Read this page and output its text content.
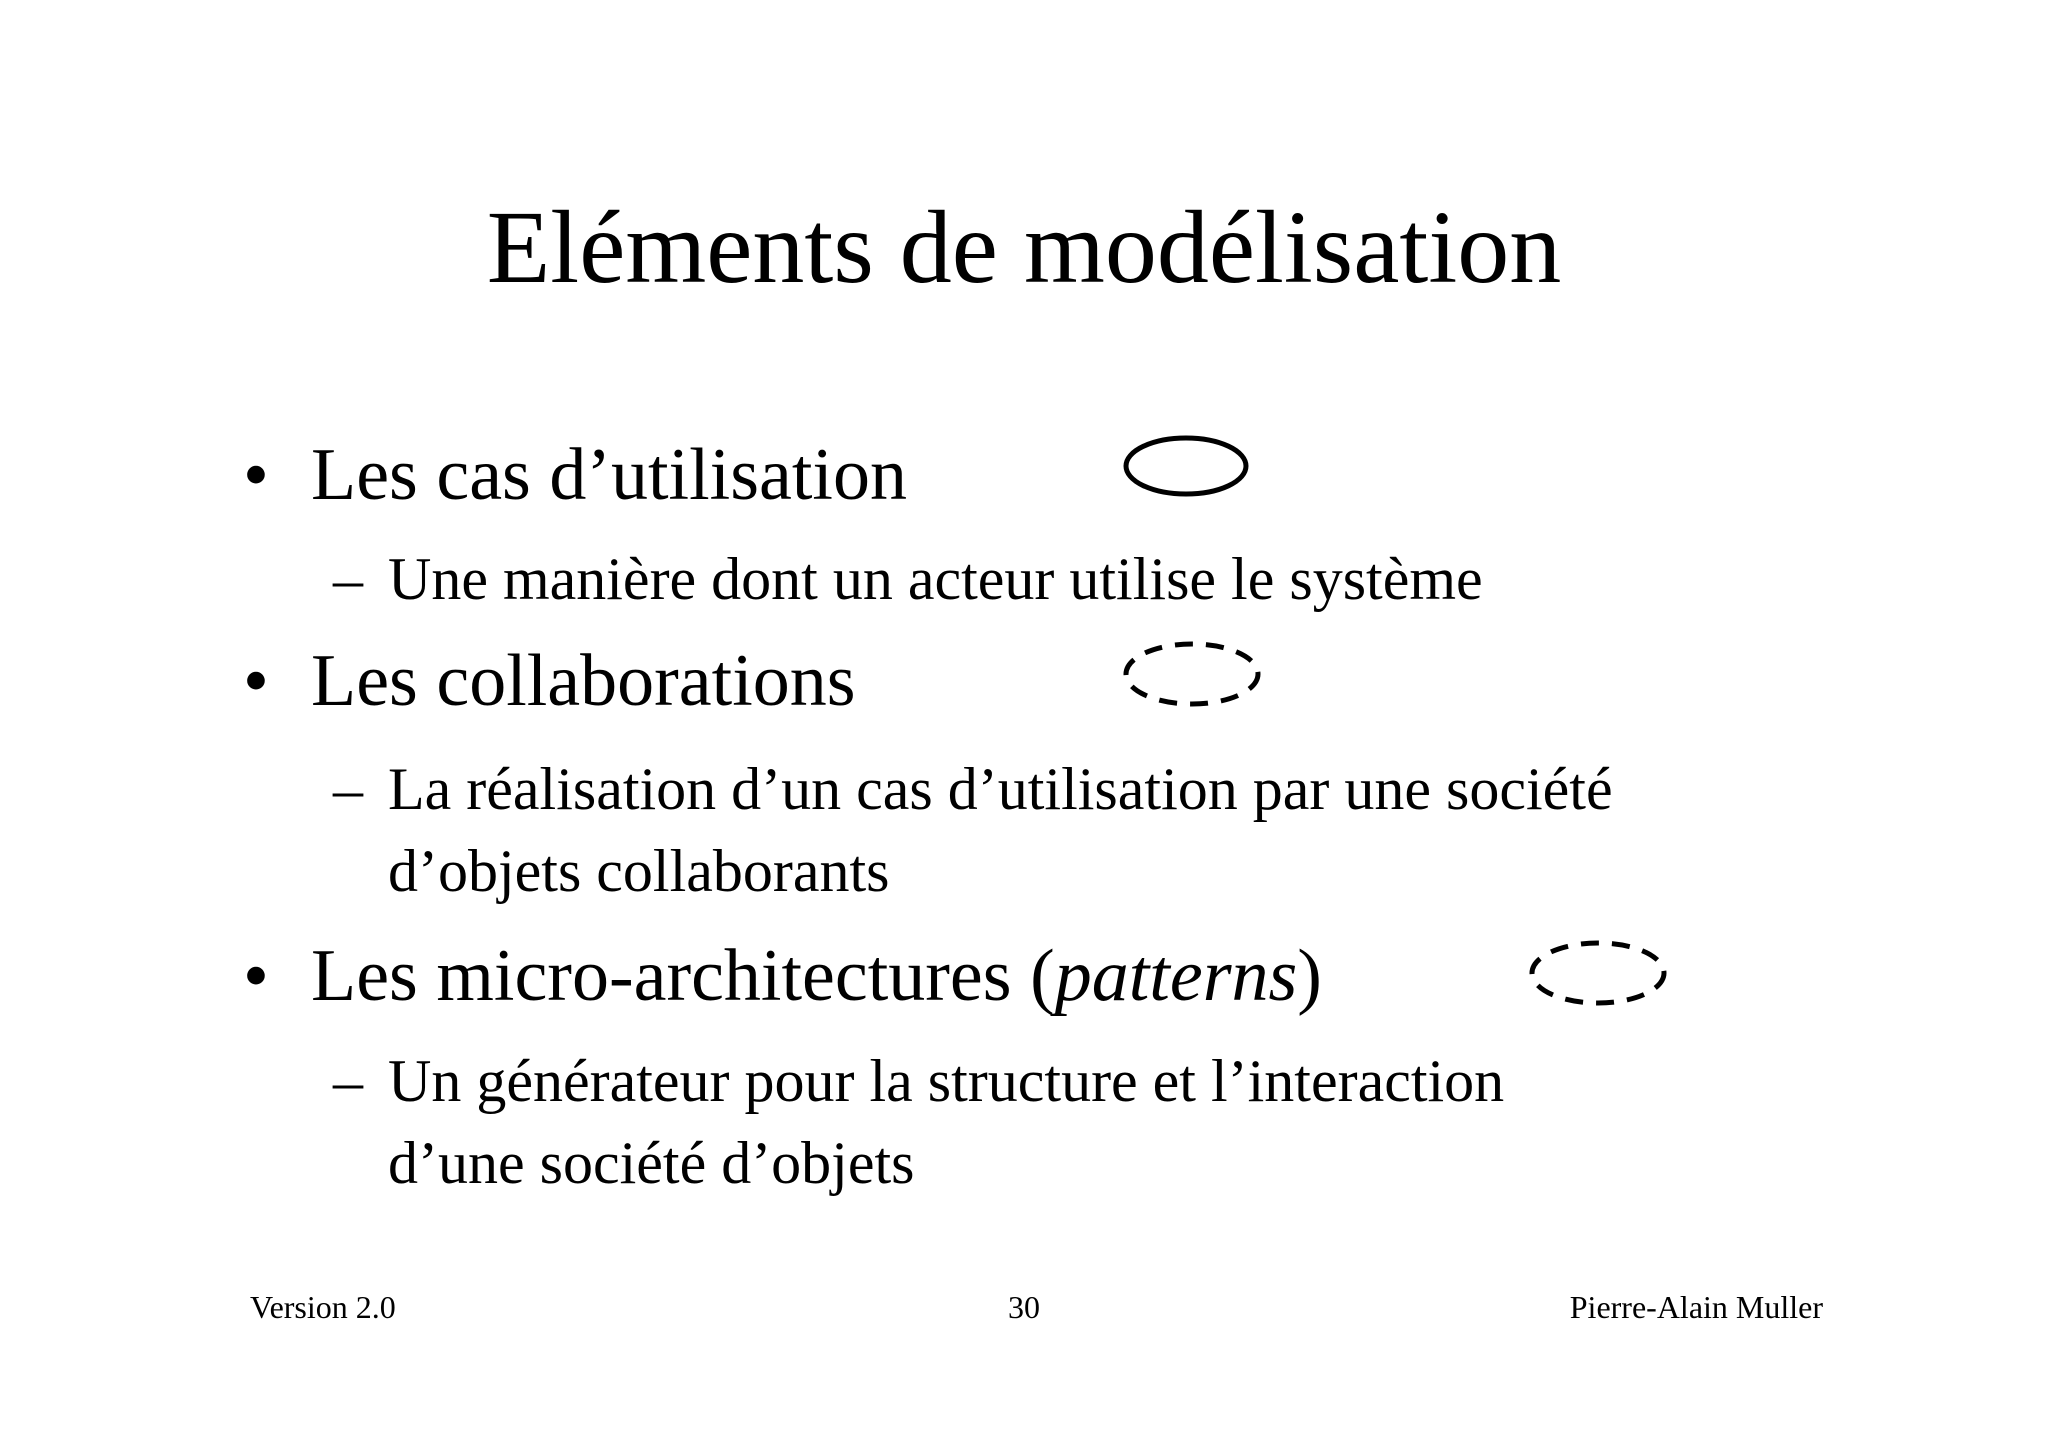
Eléments de modélisation
• Les cas d’utilisation
– Une manière dont un acteur utilise le système
• Les collaborations
– La réalisation d’un cas d’utilisation par une société
d’objets collaborants
• Les micro-architectures (patterns)
– Un générateur pour la structure et l’interaction
d’une société d’objets
Version 2.0	30	Pierre-Alain Muller
